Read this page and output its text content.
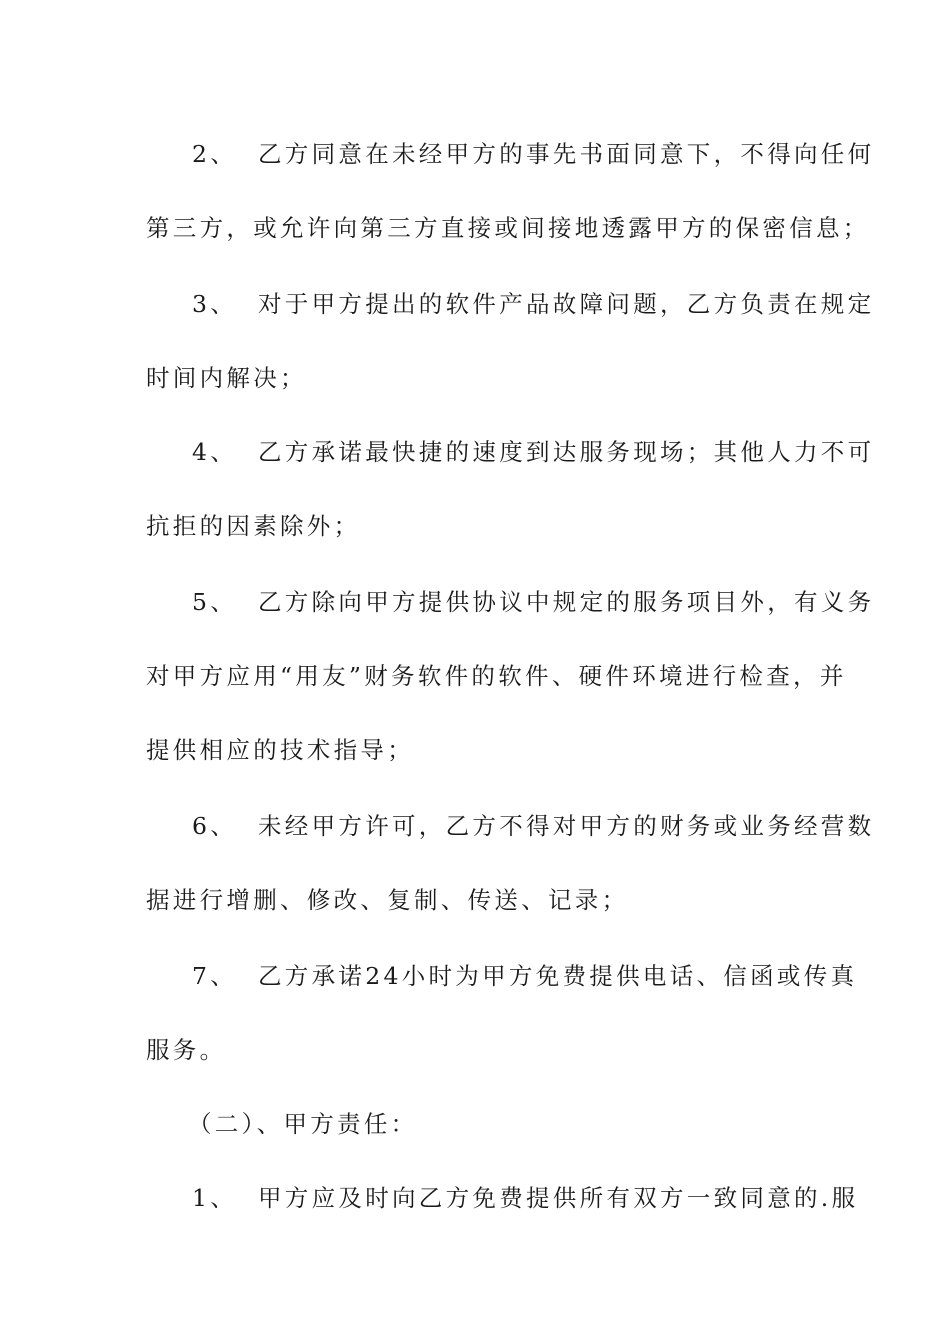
2、 乙方同意在未经甲方的事先书面同意下，不得向任何
第三方，或允许向第三方直接或间接地透露甲方的保密信息；
3、 对于甲方提出的软件产品故障问题，乙方负责在规定
时间内解决；
4、 乙方承诺最快捷的速度到达服务现场；其他人力不可
抗拒的因素除外；
5、 乙方除向甲方提供协议中规定的服务项目外，有义务
对甲方应用“用友”财务软件的软件、硬件环境进行检查，并
提供相应的技术指导；
6、 未经甲方许可，乙方不得对甲方的财务或业务经营数
据进行增删、修改、复制、传送、记录；
7、 乙方承诺24小时为甲方免费提供电话、信函或传真
服务。
（二）、甲方责任：
1、 甲方应及时向乙方免费提供所有双方一致同意的.服
